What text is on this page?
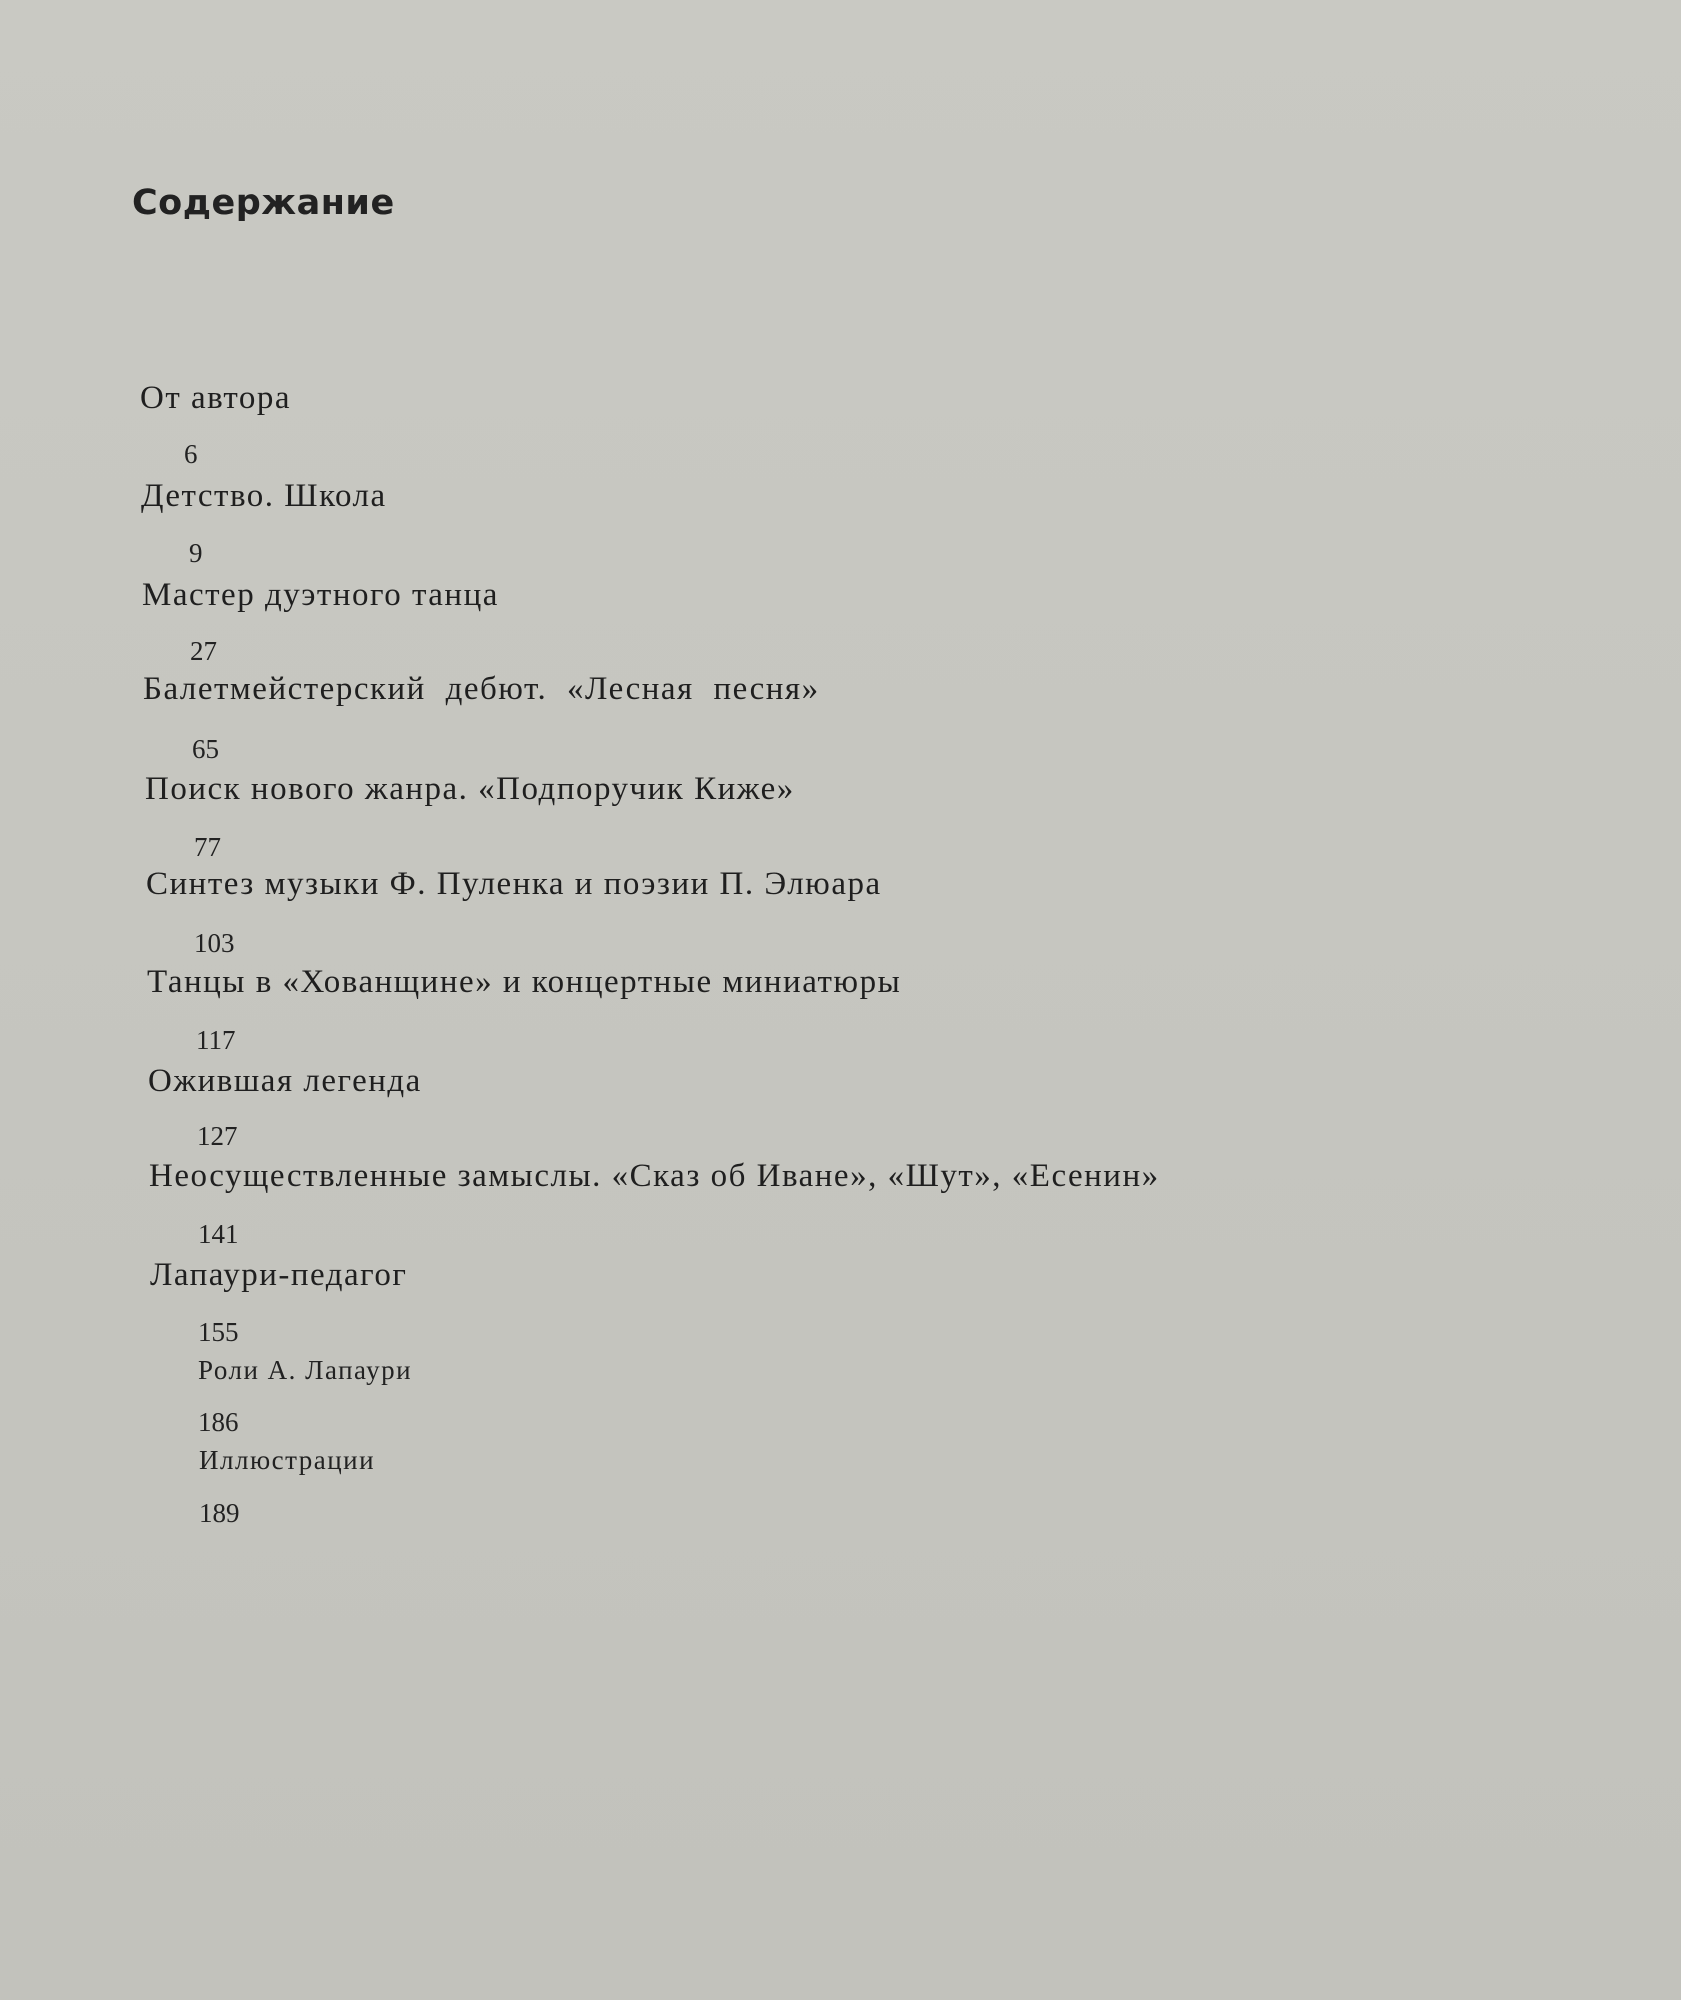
Содержание
От автора
6
Детство. Школа
9
Мастер дуэтного танца
27
Балетмейстерский дебют. «Лесная песня»
65
Поиск нового жанра. «Подпоручик Киже»
77
Синтез музыки Ф. Пуленка и поэзии П. Элюара
103
Танцы в «Хованщине» и концертные миниатюры
117
Ожившая легенда
127
Неосуществленные замыслы. «Сказ об Иване», «Шут», «Есенин»
141
Лапаури-педагог
155
Роли А. Лапаури
186
Иллюстрации
189
